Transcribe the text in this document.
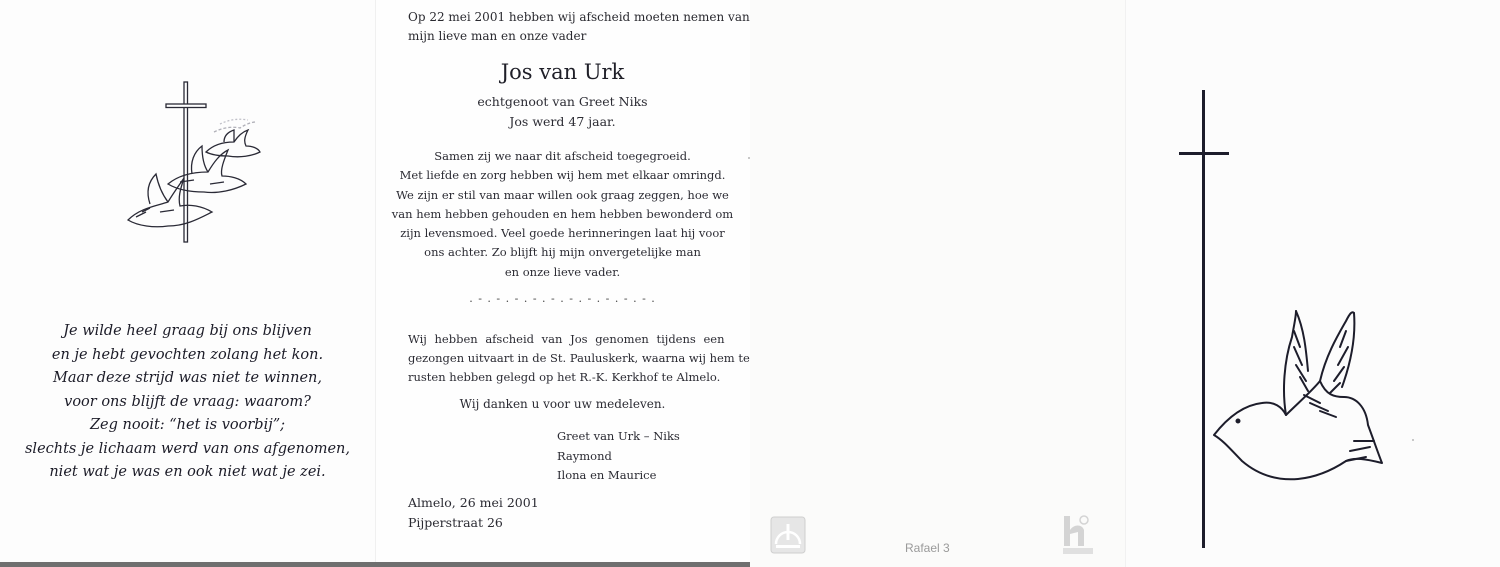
Je wilde heel graag bij ons blijven
en je hebt gevochten zolang het kon.
Maar deze strijd was niet te winnen,
voor ons blijft de vraag: waarom?
Zeg nooit: “het is voorbij”;
slechts je lichaam werd van ons afgenomen,
niet wat je was en ook niet wat je zei.
Op 22 mei 2001 hebben wij afscheid moeten nemen van
mijn lieve man en onze vader
Jos van Urk
echtgenoot van Greet Niks
Jos werd 47 jaar.
Samen zij we naar dit afscheid toegegroeid.
Met liefde en zorg hebben wij hem met elkaar omringd.
We zijn er stil van maar willen ook graag zeggen, hoe we
van hem hebben gehouden en hem hebben bewonderd om
zijn levensmoed. Veel goede herinneringen laat hij voor
ons achter. Zo blijft hij mijn onvergetelijke man
en onze lieve vader.
. - . - . - . - . - . - . - . - . - . - .
Wij hebben afscheid van Jos genomen tijdens een
gezongen uitvaart in de St. Pauluskerk, waarna wij hem te
rusten hebben gelegd op het R.-K. Kerkhof te Almelo.
Wij danken u voor uw medeleven.
Greet van Urk – Niks
Raymond
Ilona en Maurice
Almelo, 26 mei 2001
Pijperstraat 26
Rafael 3
